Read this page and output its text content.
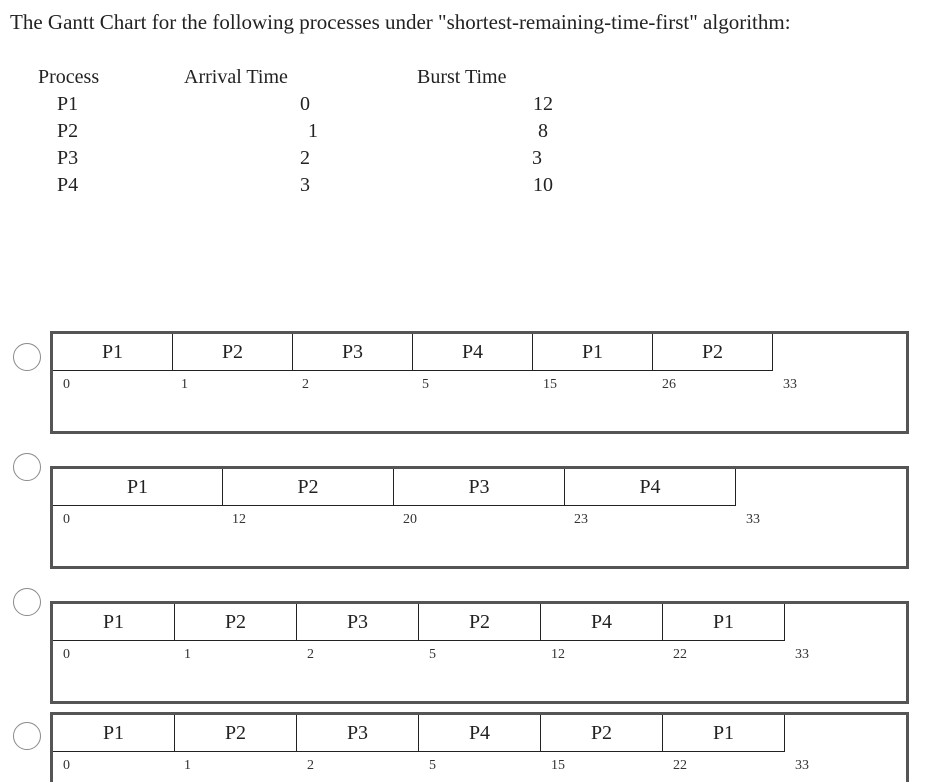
The Gantt Chart for the following processes under "shortest-remaining-time-first" algorithm:
Process	Arrival Time	Burst Time
P1	0	12
P2	1	8
P3	2	3
P4	3	10
P1	P2	P3	P4	P1	P2
0	1	2	5	15	26	33
P1	P2	P3	P4
0	12	20	23	33
P1	P2	P3	P2	P4	P1
0	1	2	5	12	22	33
P1	P2	P3	P4	P2	P1
0	1	2	5	15	22	33
